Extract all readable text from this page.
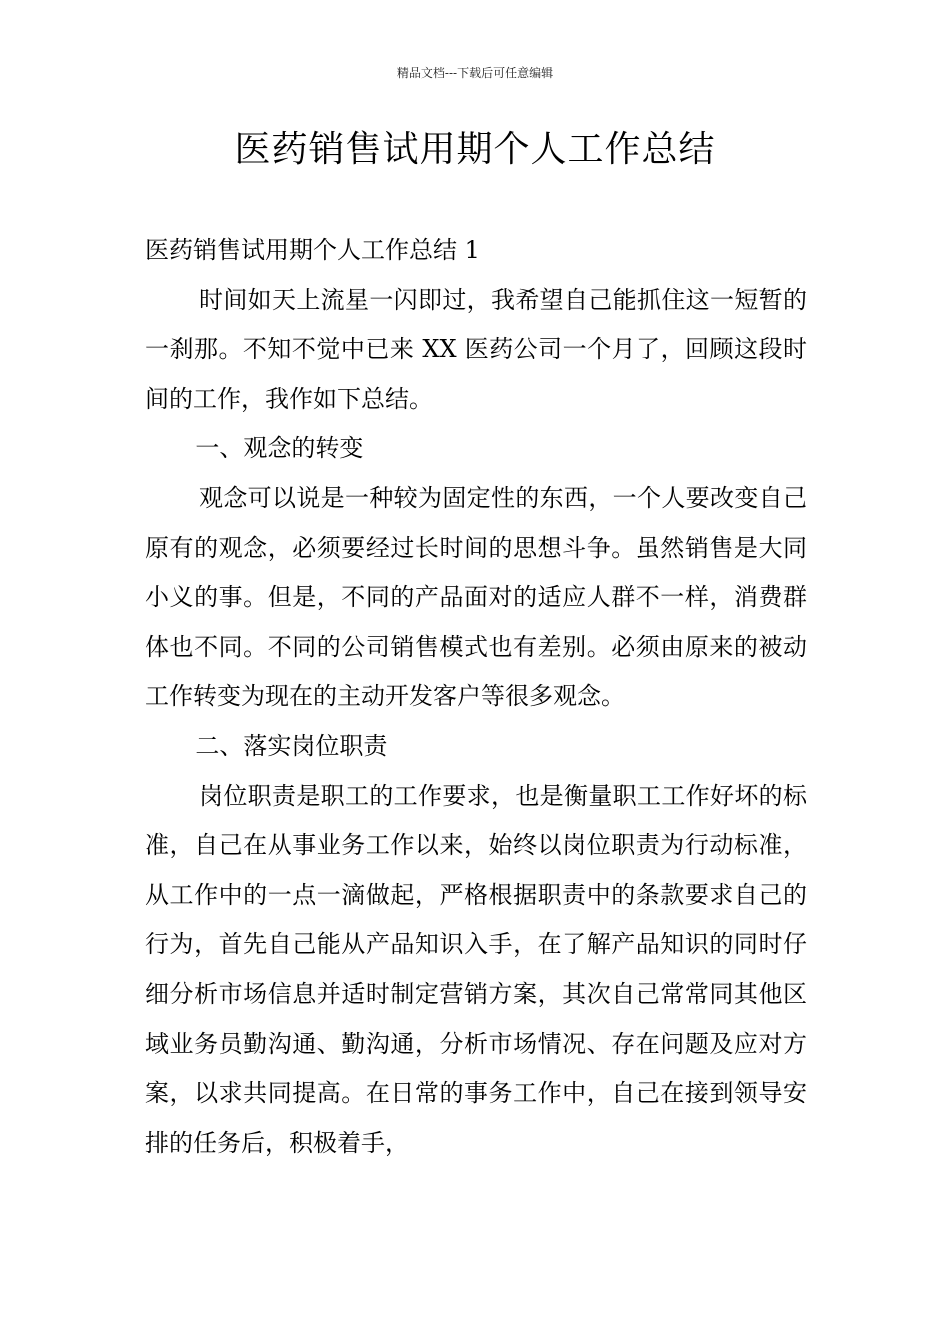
精品文档---下载后可任意编辑
医药销售试用期个人工作总结

医药销售试用期个人工作总结 1

时间如天上流星一闪即过，我希望自己能抓住这一短暂的一刹那。不知不觉中已来 XX 医药公司一个月了，回顾这段时间的工作，我作如下总结。

一、观念的转变

观念可以说是一种较为固定性的东西，一个人要改变自己原有的观念，必须要经过长时间的思想斗争。虽然销售是大同小义的事。但是，不同的产品面对的适应人群不一样，消费群体也不同。不同的公司销售模式也有差别。必须由原来的被动工作转变为现在的主动开发客户等很多观念。

二、落实岗位职责

岗位职责是职工的工作要求，也是衡量职工工作好坏的标准，自己在从事业务工作以来，始终以岗位职责为行动标准，从工作中的一点一滴做起，严格根据职责中的条款要求自己的行为，首先自己能从产品知识入手，在了解产品知识的同时仔细分析市场信息并适时制定营销方案，其次自己常常同其他区域业务员勤沟通、勤沟通，分析市场情况、存在问题及应对方案，以求共同提高。在日常的事务工作中，自己在接到领导安排的任务后，积极着手，
